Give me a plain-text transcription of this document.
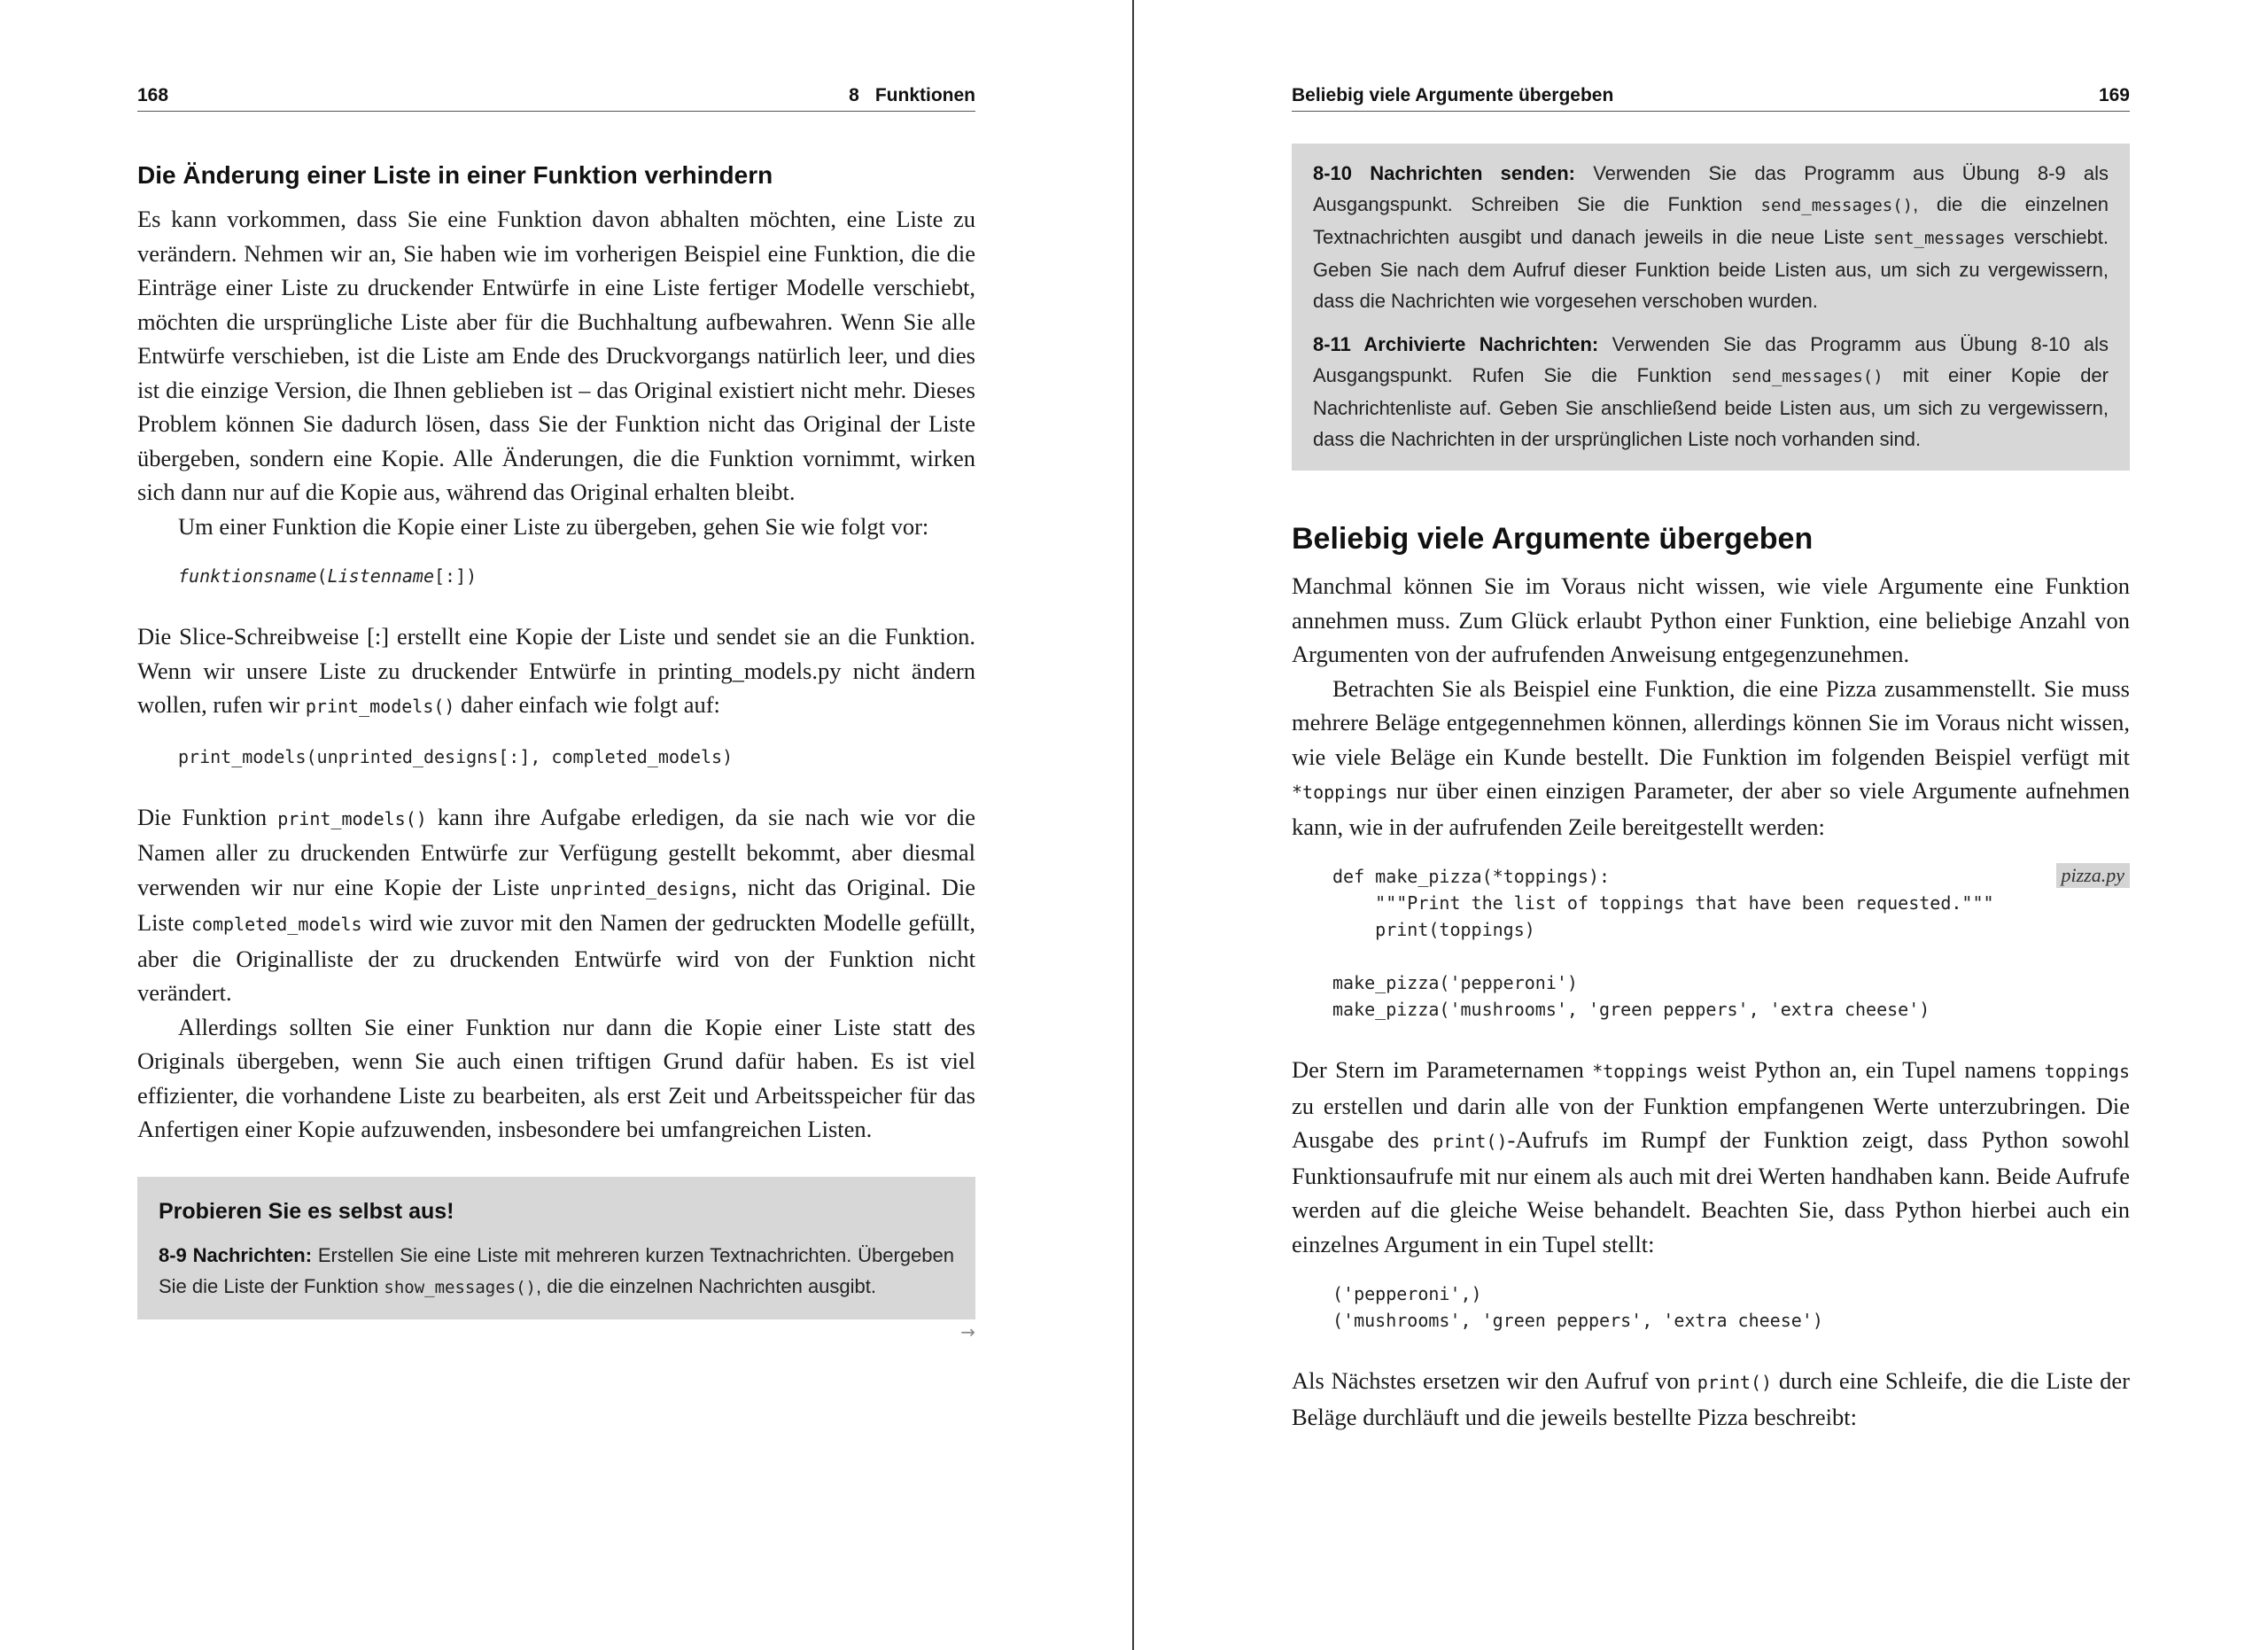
168	8 Funktionen
Die Änderung einer Liste in einer Funktion verhindern

Es kann vorkommen, dass Sie eine Funktion davon abhalten möchten, eine Liste zu verändern. Nehmen wir an, Sie haben wie im vorherigen Beispiel eine Funktion, die die Einträge einer Liste zu druckender Entwürfe in eine Liste fertiger Modelle verschiebt, möchten die ursprüngliche Liste aber für die Buchhaltung aufbewahren. Wenn Sie alle Entwürfe verschieben, ist die Liste am Ende des Druckvorgangs natürlich leer, und dies ist die einzige Version, die Ihnen geblieben ist – das Original existiert nicht mehr. Dieses Problem können Sie dadurch lösen, dass Sie der Funktion nicht das Original der Liste übergeben, sondern eine Kopie. Alle Änderungen, die die Funktion vornimmt, wirken sich dann nur auf die Kopie aus, während das Original erhalten bleibt.

Um einer Funktion die Kopie einer Liste zu übergeben, gehen Sie wie folgt vor:

funktionsname(Listenname[:])

Die Slice-Schreibweise [:] erstellt eine Kopie der Liste und sendet sie an die Funktion. Wenn wir unsere Liste zu druckender Entwürfe in printing_models.py nicht ändern wollen, rufen wir print_models() daher einfach wie folgt auf:

print_models(unprinted_designs[:], completed_models)

Die Funktion print_models() kann ihre Aufgabe erledigen, da sie nach wie vor die Namen aller zu druckenden Entwürfe zur Verfügung gestellt bekommt, aber diesmal verwenden wir nur eine Kopie der Liste unprinted_designs, nicht das Original. Die Liste completed_models wird wie zuvor mit den Namen der gedruckten Modelle gefüllt, aber die Originalliste der zu druckenden Entwürfe wird von der Funktion nicht verändert.

Allerdings sollten Sie einer Funktion nur dann die Kopie einer Liste statt des Originals übergeben, wenn Sie auch einen triftigen Grund dafür haben. Es ist viel effizienter, die vorhandene Liste zu bearbeiten, als erst Zeit und Arbeitsspeicher für das Anfertigen einer Kopie aufzuwenden, insbesondere bei umfangreichen Listen.

Probieren Sie es selbst aus!

8-9 Nachrichten: Erstellen Sie eine Liste mit mehreren kurzen Textnachrichten. Übergeben Sie die Liste der Funktion show_messages(), die die einzelnen Nachrichten ausgibt.

→
Beliebig viele Argumente übergeben	169

8-10 Nachrichten senden: Verwenden Sie das Programm aus Übung 8-9 als Ausgangspunkt. Schreiben Sie die Funktion send_messages(), die die einzelnen Textnachrichten ausgibt und danach jeweils in die neue Liste sent_messages verschiebt. Geben Sie nach dem Aufruf dieser Funktion beide Listen aus, um sich zu vergewissern, dass die Nachrichten wie vorgesehen verschoben wurden.

8-11 Archivierte Nachrichten: Verwenden Sie das Programm aus Übung 8-10 als Ausgangspunkt. Rufen Sie die Funktion send_messages() mit einer Kopie der Nachrichtenliste auf. Geben Sie anschließend beide Listen aus, um sich zu vergewissern, dass die Nachrichten in der ursprünglichen Liste noch vorhanden sind.

Beliebig viele Argumente übergeben

Manchmal können Sie im Voraus nicht wissen, wie viele Argumente eine Funktion annehmen muss. Zum Glück erlaubt Python einer Funktion, eine beliebige Anzahl von Argumenten von der aufrufenden Anweisung entgegenzunehmen.

Betrachten Sie als Beispiel eine Funktion, die eine Pizza zusammenstellt. Sie muss mehrere Beläge entgegennehmen können, allerdings können Sie im Voraus nicht wissen, wie viele Beläge ein Kunde bestellt. Die Funktion im folgenden Beispiel verfügt mit *toppings nur über einen einzigen Parameter, der aber so viele Argumente aufnehmen kann, wie in der aufrufenden Zeile bereitgestellt werden:

pizza.py
def make_pizza(*toppings):
"""Print the list of toppings that have been requested."""
print(toppings)

make_pizza('pepperoni')
make_pizza('mushrooms', 'green peppers', 'extra cheese')

Der Stern im Parameternamen *toppings weist Python an, ein Tupel namens toppings zu erstellen und darin alle von der Funktion empfangenen Werte unterzubringen. Die Ausgabe des print()-Aufrufs im Rumpf der Funktion zeigt, dass Python sowohl Funktionsaufrufe mit nur einem als auch mit drei Werten handhaben kann. Beide Aufrufe werden auf die gleiche Weise behandelt. Beachten Sie, dass Python hierbei auch ein einzelnes Argument in ein Tupel stellt:

('pepperoni',)
('mushrooms', 'green peppers', 'extra cheese')

Als Nächstes ersetzen wir den Aufruf von print() durch eine Schleife, die die Liste der Beläge durchläuft und die jeweils bestellte Pizza beschreibt:
